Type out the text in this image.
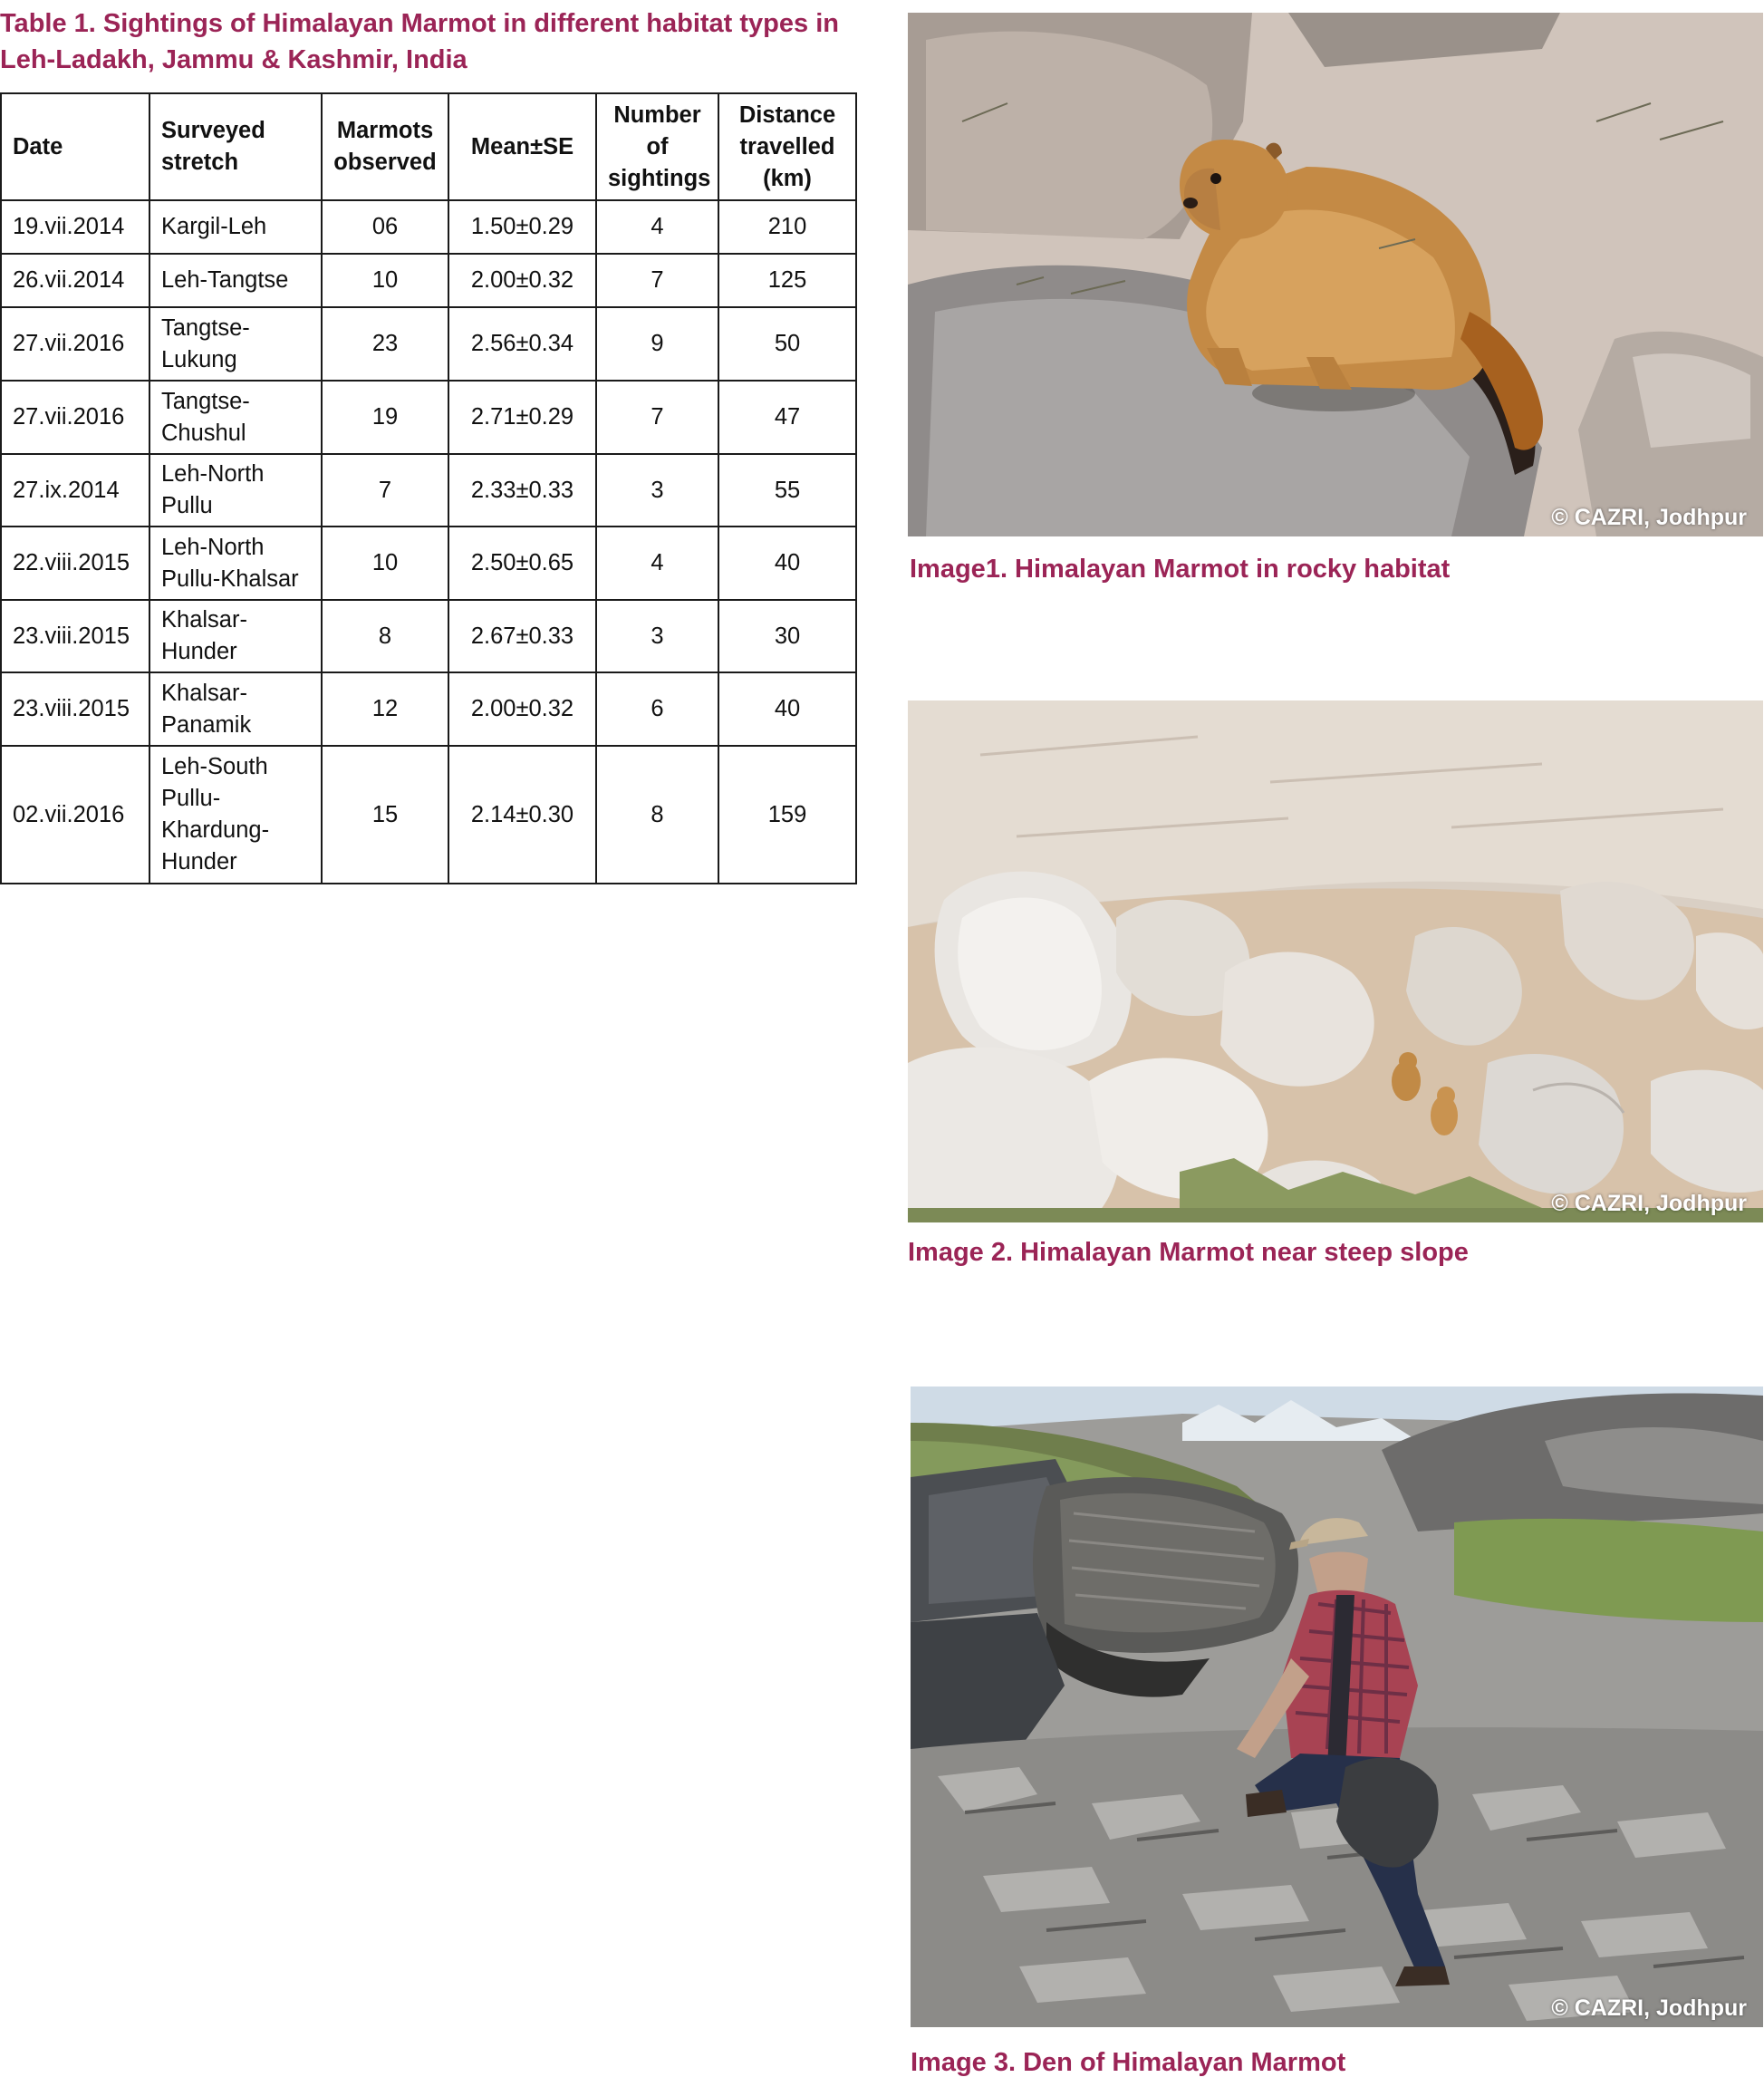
Table 1. Sightings of Himalayan Marmot in different habitat types in Leh-Ladakh, Jammu & Kashmir, India
Date	Surveyed stretch	Marmots observed	Mean±SE	Number of sightings	Distance travelled (km)
19.vii.2014	Kargil-Leh	06	1.50±0.29	4	210
26.vii.2014	Leh-Tangtse	10	2.00±0.32	7	125
27.vii.2016	Tangtse-Lukung	23	2.56±0.34	9	50
27.vii.2016	Tangtse-Chushul	19	2.71±0.29	7	47
27.ix.2014	Leh-North Pullu	7	2.33±0.33	3	55
22.viii.2015	Leh-North Pullu-Khalsar	10	2.50±0.65	4	40
23.viii.2015	Khalsar-Hunder	8	2.67±0.33	3	30
23.viii.2015	Khalsar-Panamik	12	2.00±0.32	6	40
02.vii.2016	Leh-South Pullu-Khardung-Hunder	15	2.14±0.30	8	159
© CAZRI, Jodhpur

Image1. Himalayan Marmot in rocky habitat

© CAZRI, Jodhpur

Image 2. Himalayan Marmot near steep slope

© CAZRI, Jodhpur

Image 3. Den of Himalayan Marmot
